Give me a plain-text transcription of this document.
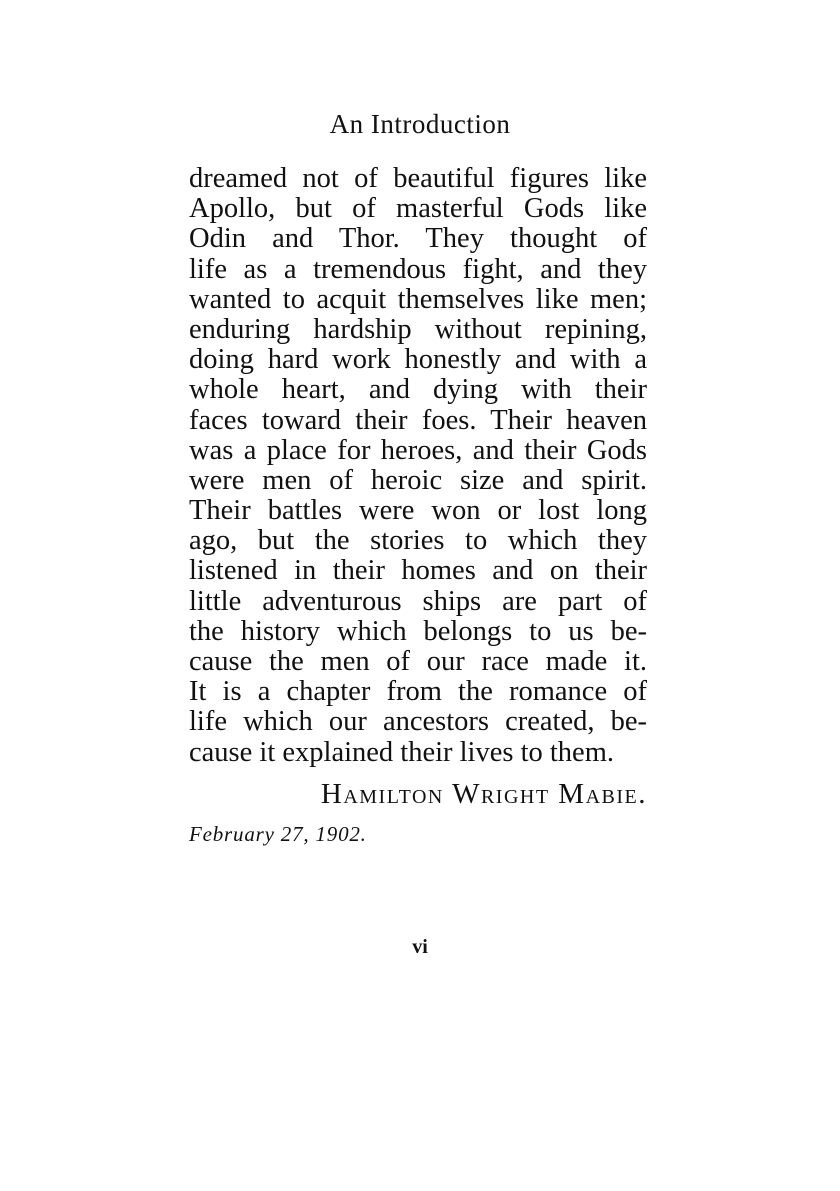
An Introduction
dreamed not of beautiful figures like
Apollo, but of masterful Gods like
Odin and Thor. They thought of
life as a tremendous fight, and they
wanted to acquit themselves like men;
enduring hardship without repining,
doing hard work honestly and with a
whole heart, and dying with their
faces toward their foes. Their heaven
was a place for heroes, and their Gods
were men of heroic size and spirit.
Their battles were won or lost long
ago, but the stories to which they
listened in their homes and on their
little adventurous ships are part of
the history which belongs to us be-
cause the men of our race made it.
It is a chapter from the romance of
life which our ancestors created, be-
cause it explained their lives to them.
Hamilton Wright Mabie.
February 27, 1902.
vi
